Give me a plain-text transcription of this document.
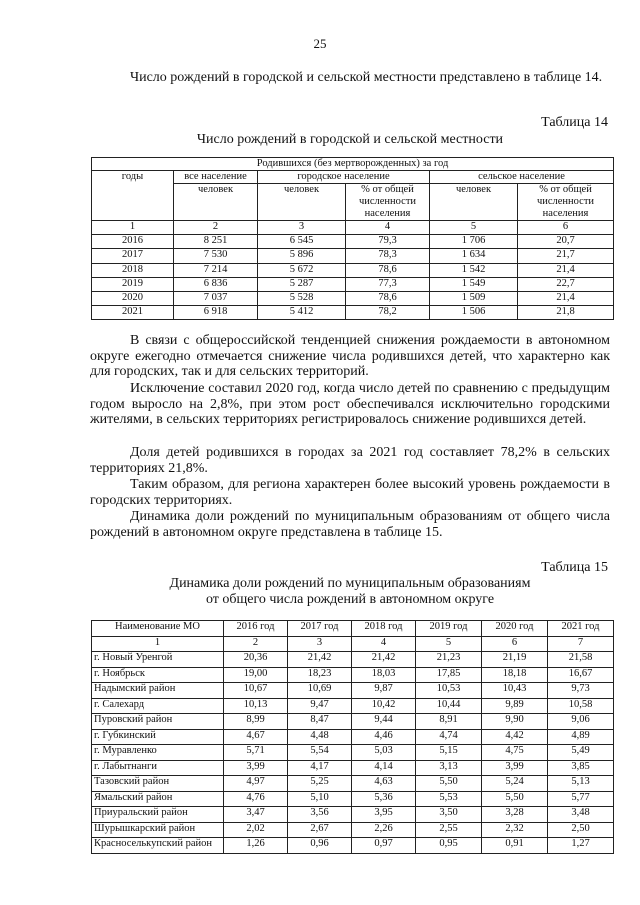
25

Число рождений в городской и сельской местности представлено в таблице 14.

Таблица 14
Число рождений в городской и сельской местности
Родившихся (без мертворожденных) за год					
годы	все население	городское население		сельское население	
	человек	человек	% от общей численности населения	человек	% от общей численности населения
1	2	3	4	5	6
2016	8 251	6 545	79,3	1 706	20,7
2017	7 530	5 896	78,3	1 634	21,7
2018	7 214	5 672	78,6	1 542	21,4
2019	6 836	5 287	77,3	1 549	22,7
2020	7 037	5 528	78,6	1 509	21,4
2021	6 918	5 412	78,2	1 506	21,8

В связи с общероссийской тенденцией снижения рождаемости в автономном округе ежегодно отмечается снижение числа родившихся детей, что характерно как для городских, так и для сельских территорий.

Исключение составил 2020 год, когда число детей по сравнению с предыдущим годом выросло на 2,8%, при этом рост обеспечивался исключительно городскими жителями, в сельских территориях регистрировалось снижение родившихся детей.

Доля детей родившихся в городах за 2021 год составляет 78,2% в сельских территориях 21,8%.

Таким образом, для региона характерен более высокий уровень рождаемости в городских территориях.

Динамика доли рождений по муниципальным образованиям от общего числа рождений в автономном округе представлена в таблице 15.

Таблица 15
Динамика доли рождений по муниципальным образованиям
от общего числа рождений в автономном округе
Наименование МО	2016 год	2017 год	2018 год	2019 год	2020 год	2021 год
1	2	3	4	5	6	7
г. Новый Уренгой	20,36	21,42	21,42	21,23	21,19	21,58
г. Ноябрьск	19,00	18,23	18,03	17,85	18,18	16,67
Надымский район	10,67	10,69	9,87	10,53	10,43	9,73
г. Салехард	10,13	9,47	10,42	10,44	9,89	10,58
Пуровский район	8,99	8,47	9,44	8,91	9,90	9,06
г. Губкинский	4,67	4,48	4,46	4,74	4,42	4,89
г. Муравленко	5,71	5,54	5,03	5,15	4,75	5,49
г. Лабытнанги	3,99	4,17	4,14	3,13	3,99	3,85
Тазовский район	4,97	5,25	4,63	5,50	5,24	5,13
Ямальский район	4,76	5,10	5,36	5,53	5,50	5,77
Приуральский район	3,47	3,56	3,95	3,50	3,28	3,48
Шурышкарский район	2,02	2,67	2,26	2,55	2,32	2,50
Красноселькупский район	1,26	0,96	0,97	0,95	0,91	1,27
